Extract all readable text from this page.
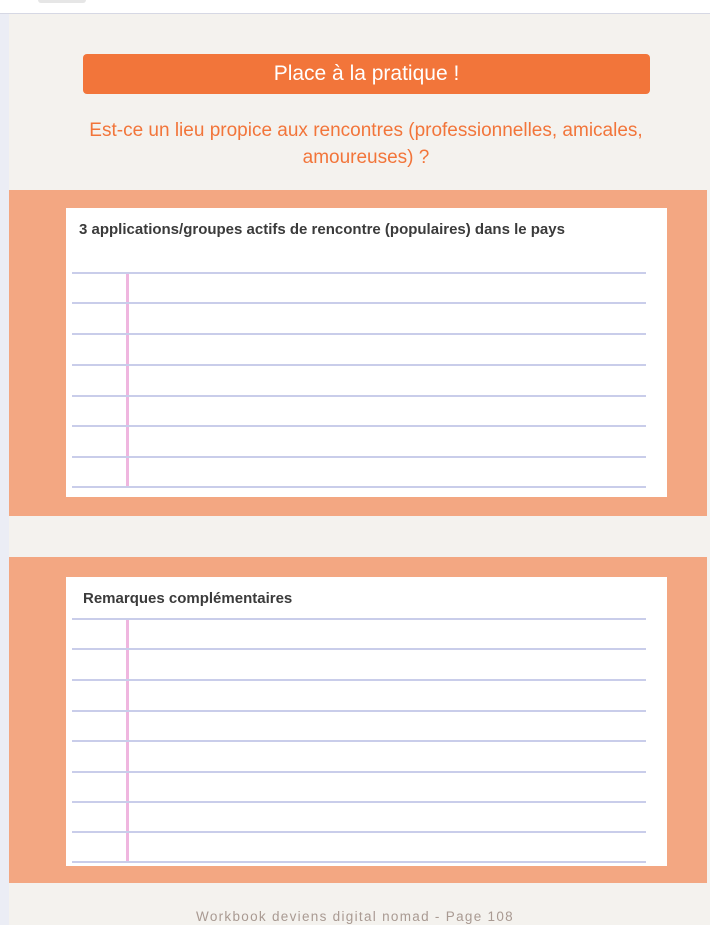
Place à la pratique !
Est-ce un lieu propice aux rencontres (professionnelles, amicales, amoureuses) ?
3 applications/groupes actifs de rencontre (populaires) dans le pays
Remarques complémentaires
Workbook deviens digital nomad - Page 108
